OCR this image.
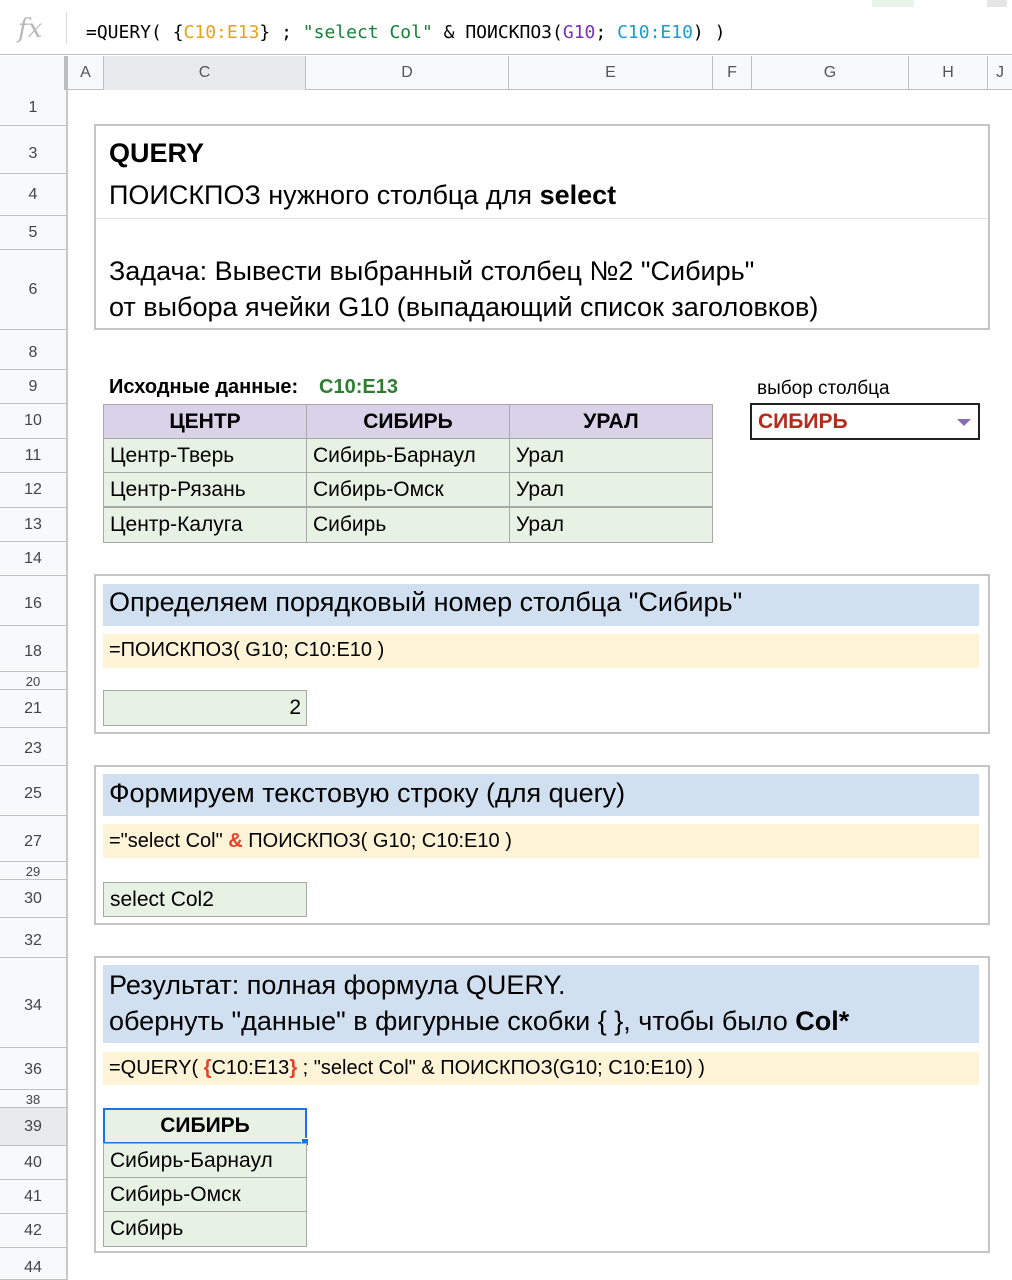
fx =QUERY( {C10:E13} ; "select Col" & ПОИСКПОЗ(G10; C10:E10) )
A	C	D	E	F	G	H	J
1
3
4
5
6
8
9
10
11
12
13
14
16
18
20
21
23
25
27
29
30
32
34
36
38
39
40
41
42
44
QUERY
ПОИСКПОЗ нужного столбца для select
Задача: Вывести выбранный столбец №2 "Сибирь"
от выбора ячейки G10 (выпадающий список заголовков)
Исходные данные: C10:E13
ЦЕНТР	СИБИРЬ	УРАЛ
Центр-Тверь	Сибирь-Барнаул	Урал
Центр-Рязань	Сибирь-Омск	Урал
Центр-Калуга	Сибирь	Урал
выбор столбца
СИБИРЬ
Определяем порядковый номер столбца "Сибирь"
=ПОИСКПОЗ( G10; C10:E10 )
2
Формируем текстовую строку (для query)
="select Col" & ПОИСКПОЗ( G10; C10:E10 )
select Col2
Результат: полная формула QUERY.
обернуть "данные" в фигурные скобки { }, чтобы было Col*
=QUERY( {C10:E13} ; "select Col" & ПОИСКПОЗ(G10; C10:E10) )
СИБИРЬ
Сибирь-Барнаул
Сибирь-Омск
Сибирь
